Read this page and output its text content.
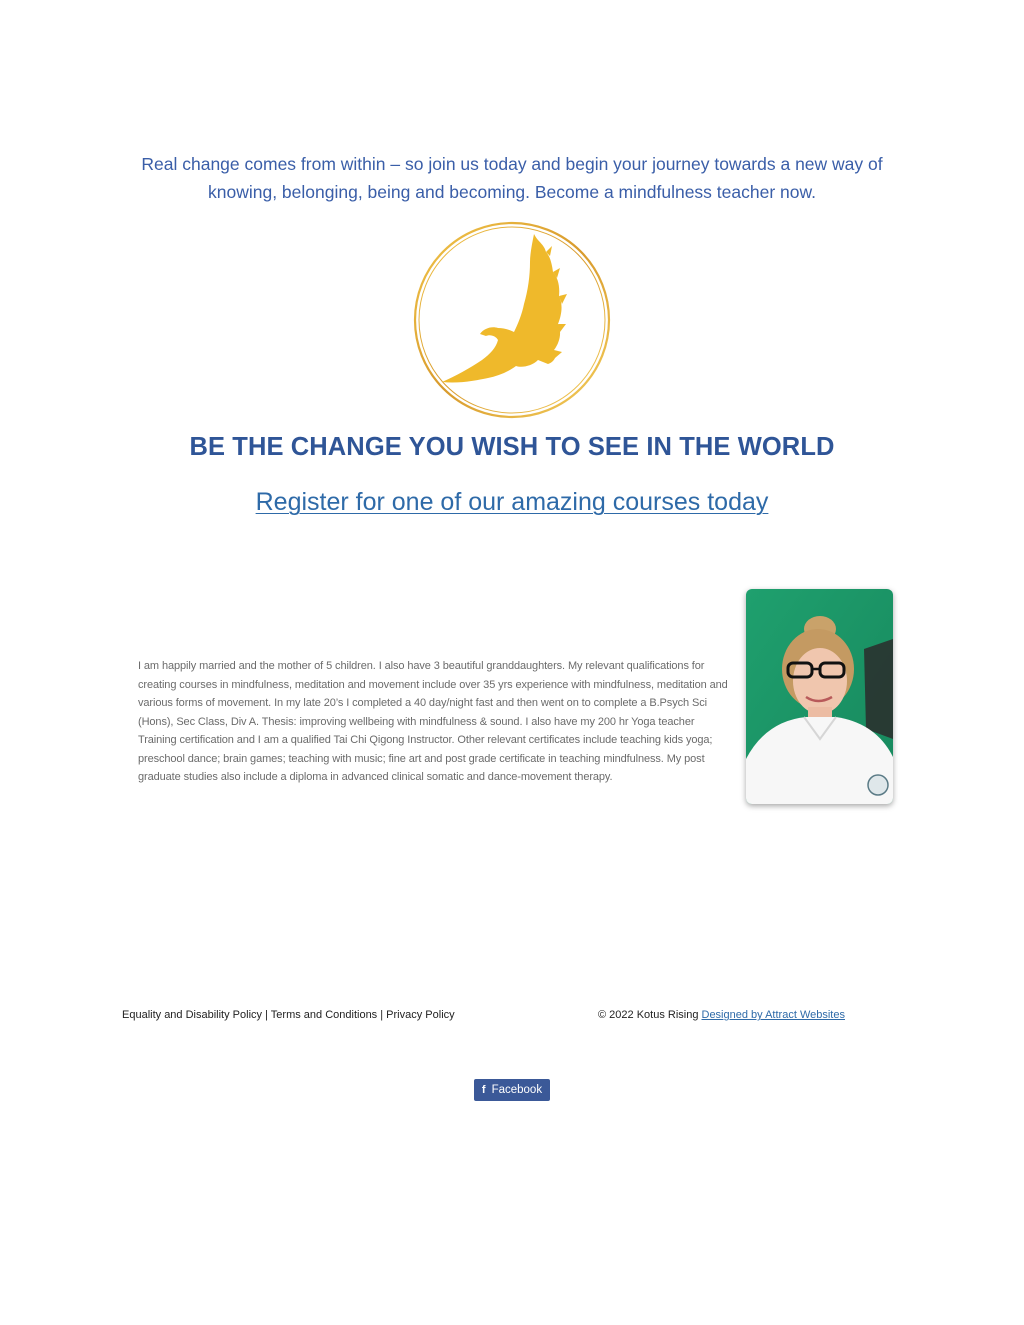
Real change comes from within – so join us today and begin your journey towards a new way of knowing, belonging, being and becoming. Become a mindfulness teacher now.

BE THE CHANGE YOU WISH TO SEE IN THE WORLD
Register for one of our amazing courses today

I am happily married and the mother of 5 children. I also have 3 beautiful granddaughters. My relevant qualifications for creating courses in mindfulness, meditation and movement include over 35 yrs experience with mindfulness, meditation and various forms of movement. In my late 20’s I completed a 40 day/night fast and then went on to complete a B.Psych Sci (Hons), Sec Class, Div A. Thesis: improving wellbeing with mindfulness & sound. I also have my 200 hr Yoga teacher Training certification and I am a qualified Tai Chi Qigong Instructor. Other relevant certificates include teaching kids yoga; preschool dance; brain games; teaching with music; fine art and post grade certificate in teaching mindfulness. My post graduate studies also include a diploma in advanced clinical somatic and dance-movement therapy.

Equality and Disability Policy | Terms and Conditions | Privacy Policy	© 2022 Kotus Rising Designed by Attract Websites
f Facebook
